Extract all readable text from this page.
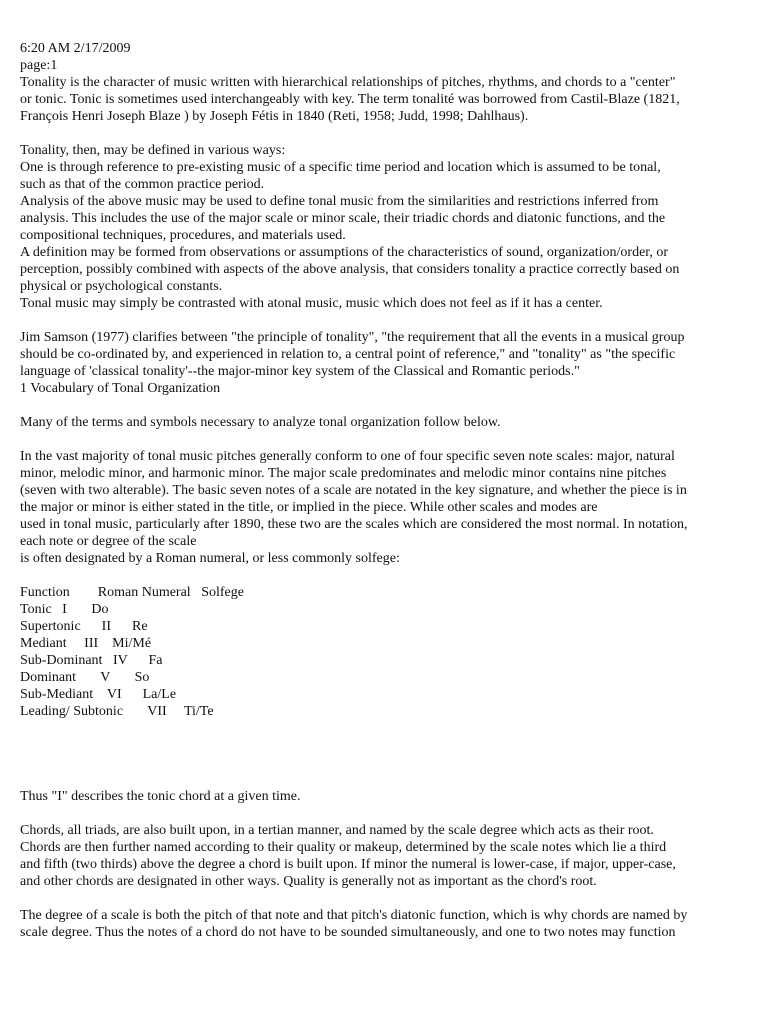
6:20 AM 2/17/2009
page:1
Tonality is the character of music written with hierarchical relationships of pitches, rhythms, and chords to a "center"
or tonic. Tonic is sometimes used interchangeably with key. The term tonalité was borrowed from Castil-Blaze (1821,
François Henri Joseph Blaze ) by Joseph Fétis in 1840 (Reti, 1958; Judd, 1998; Dahlhaus).
Tonality, then, may be defined in various ways:
One is through reference to pre-existing music of a specific time period and location which is assumed to be tonal,
such as that of the common practice period.
Analysis of the above music may be used to define tonal music from the similarities and restrictions inferred from
analysis. This includes the use of the major scale or minor scale, their triadic chords and diatonic functions, and the
compositional techniques, procedures, and materials used.
A definition may be formed from observations or assumptions of the characteristics of sound, organization/order, or
perception, possibly combined with aspects of the above analysis, that considers tonality a practice correctly based on
physical or psychological constants.
Tonal music may simply be contrasted with atonal music, music which does not feel as if it has a center.
Jim Samson (1977) clarifies between "the principle of tonality", "the requirement that all the events in a musical group
should be co-ordinated by, and experienced in relation to, a central point of reference," and "tonality" as "the specific
language of 'classical tonality'--the major-minor key system of the Classical and Romantic periods."
1 Vocabulary of Tonal Organization
Many of the terms and symbols necessary to analyze tonal organization follow below.
In the vast majority of tonal music pitches generally conform to one of four specific seven note scales: major, natural
minor, melodic minor, and harmonic minor. The major scale predominates and melodic minor contains nine pitches
(seven with two alterable). The basic seven notes of a scale are notated in the key signature, and whether the piece is in
the major or minor is either stated in the title, or implied in the piece. While other scales and modes are
used in tonal music, particularly after 1890, these two are the scales which are considered the most normal. In notation,
each note or degree of the scale
is often designated by a Roman numeral, or less commonly solfege:
Function        Roman Numeral   Solfege
Tonic   I       Do
Supertonic      II      Re
Mediant     III    Mi/Mé
Sub-Dominant   IV      Fa
Dominant       V       So
Sub-Mediant    VI      La/Le
Leading/ Subtonic       VII     Ti/Te
Thus "I" describes the tonic chord at a given time.
Chords, all triads, are also built upon, in a tertian manner, and named by the scale degree which acts as their root.
Chords are then further named according to their quality or makeup, determined by the scale notes which lie a third
and fifth (two thirds) above the degree a chord is built upon. If minor the numeral is lower-case, if major, upper-case,
and other chords are designated in other ways. Quality is generally not as important as the chord's root.
The degree of a scale is both the pitch of that note and that pitch's diatonic function, which is why chords are named by
scale degree. Thus the notes of a chord do not have to be sounded simultaneously, and one to two notes may function
